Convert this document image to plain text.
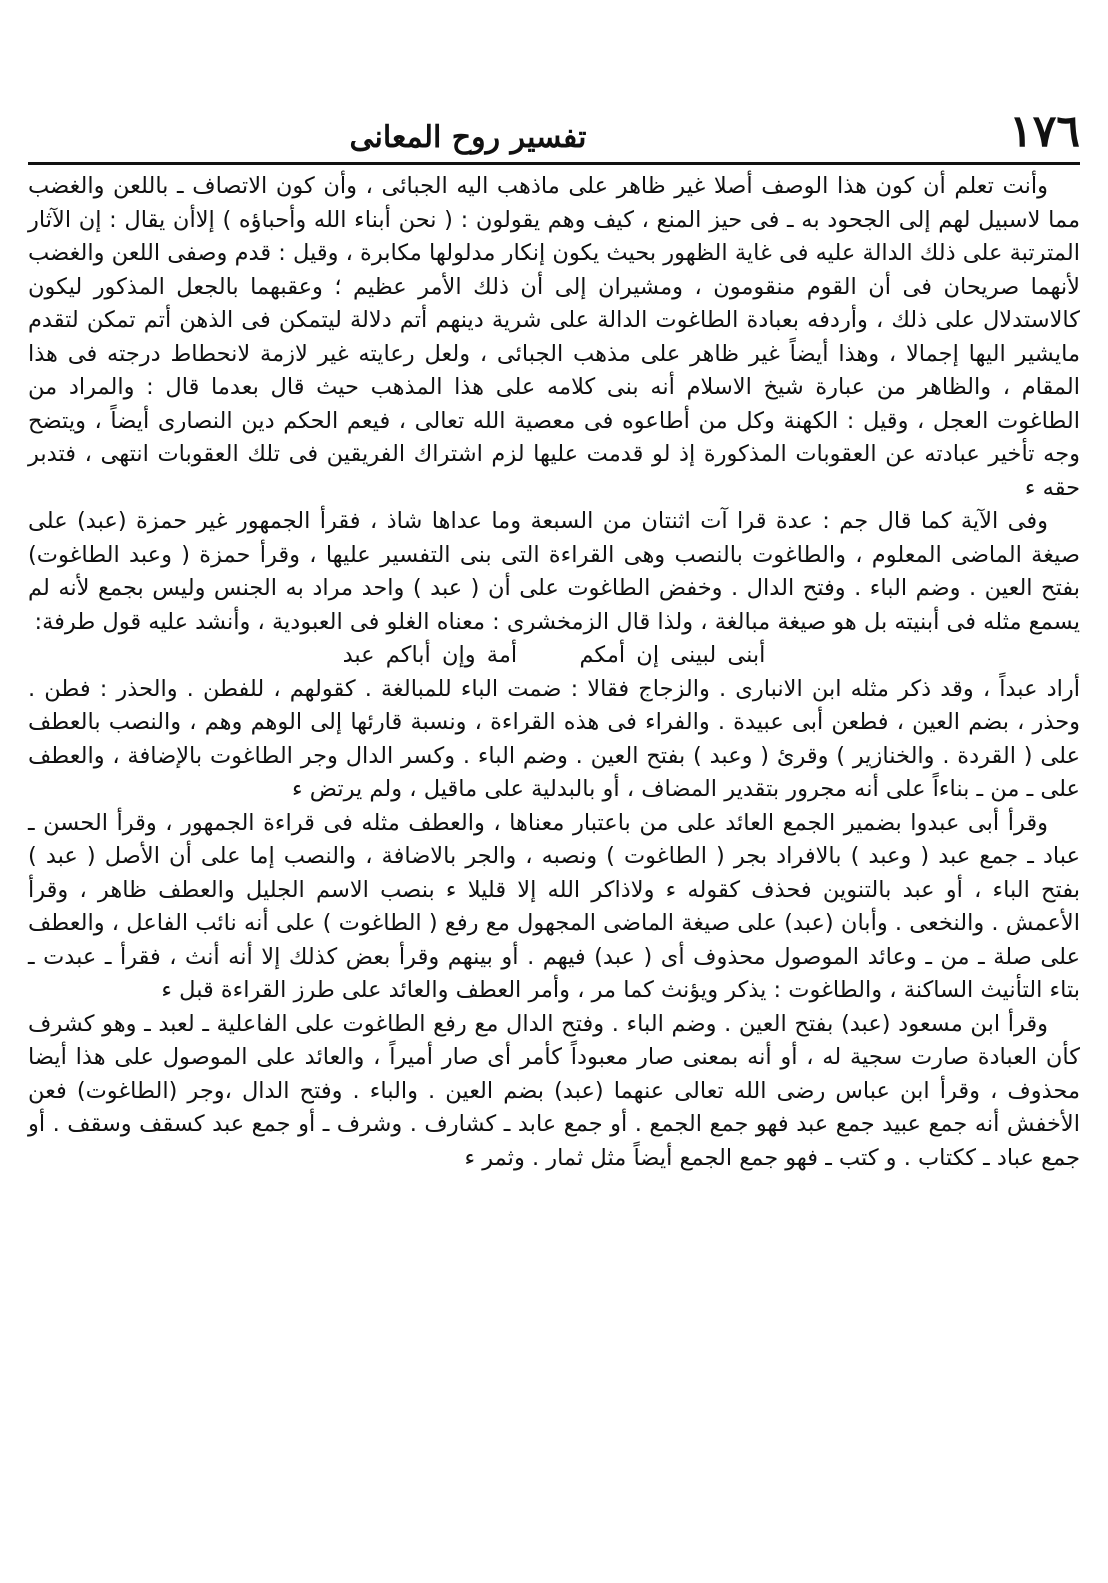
١٧٦
تفسير روح المعانى

وأنت تعلم أن كون هذا الوصف أصلا غير ظاهر على ماذهب اليه الجبائى ، وأن كون الاتصاف ـ باللعن والغضب مما لاسبيل لهم إلى الجحود به ـ فى حيز المنع ، كيف وهم يقولون : ( نحن أبناء الله وأحباؤه ) إلاأن يقال : إن الآثار المترتبة على ذلك الدالة عليه فى غاية الظهور بحيث يكون إنكار مدلولها مكابرة ، وقيل : قدم وصفى اللعن والغضب لأنهما صريحان فى أن القوم منقومون ، ومشيران إلى أن ذلك الأمر عظيم ؛ وعقبهما بالجعل المذكور ليكون كالاستدلال على ذلك ، وأردفه بعبادة الطاغوت الدالة على شرية دينهم أتم دلالة ليتمكن فى الذهن أتم تمكن لتقدم مايشير اليها إجمالا ، وهذا أيضاً غير ظاهر على مذهب الجبائى ، ولعل رعايته غير لازمة لانحطاط درجته فى هذا المقام ، والظاهر من عبارة شيخ الاسلام أنه بنى كلامه على هذا المذهب حيث قال بعدما قال : والمراد من الطاغوت العجل ، وقيل : الكهنة وكل من أطاعوه فى معصية الله تعالى ، فيعم الحكم دين النصارى أيضاً ، ويتضح وجه تأخير عبادته عن العقوبات المذكورة إذ لو قدمت عليها لزم اشتراك الفريقين فى تلك العقوبات انتهى ، فتدبر حقه ء

وفى الآية كما قال جم : عدة قرا آت اثنتان من السبعة وما عداها شاذ ، فقرأ الجمهور غير حمزة (عبد) على صيغة الماضى المعلوم ، والطاغوت بالنصب وهى القراءة التى بنى التفسير عليها ، وقرأ حمزة ( وعبد الطاغوت) بفتح العين . وضم الباء . وفتح الدال . وخفض الطاغوت على أن ( عبد ) واحد مراد به الجنس وليس بجمع لأنه لم يسمع مثله فى أبنيته بل هو صيغة مبالغة ، ولذا قال الزمخشرى : معناه الغلو فى العبودية ، وأنشد عليه قول طرفة:

أبنى لبينى إن أمكم  أمة وإن أباكم عبد

أراد عبداً ، وقد ذكر مثله ابن الانبارى . والزجاج فقالا : ضمت الباء للمبالغة . كقولهم ، للفطن . والحذر : فطن . وحذر ، بضم العين ، فطعن أبى عبيدة . والفراء فى هذه القراءة ، ونسبة قارئها إلى الوهم وهم ، والنصب بالعطف على ( القردة . والخنازير ) وقرئ ( وعبد ) بفتح العين . وضم الباء . وكسر الدال وجر الطاغوت بالإضافة ، والعطف على ـ من ـ بناءاً على أنه مجرور بتقدير المضاف ، أو بالبدلية على ماقيل ، ولم يرتض ء

وقرأ أبى عبدوا بضمير الجمع العائد على من باعتبار معناها ، والعطف مثله فى قراءة الجمهور ، وقرأ الحسن ـ عباد ـ جمع عبد ( وعبد ) بالافراد بجر ( الطاغوت ) ونصبه ، والجر بالاضافة ، والنصب إما على أن الأصل ( عبد ) بفتح الباء ، أو عبد بالتنوين فحذف كقوله ء ولاذاكر الله إلا قليلا ء بنصب الاسم الجليل والعطف ظاهر ، وقرأ الأعمش . والنخعى . وأبان (عبد) على صيغة الماضى المجهول مع رفع ( الطاغوت ) على أنه نائب الفاعل ، والعطف على صلة ـ من ـ وعائد الموصول محذوف أى ( عبد) فيهم . أو بينهم وقرأ بعض كذلك إلا أنه أنث ، فقرأ ـ عبدت ـ بتاء التأنيث الساكنة ، والطاغوت : يذكر ويؤنث كما مر ، وأمر العطف والعائد على طرز القراءة قبل ء

وقرأ ابن مسعود (عبد) بفتح العين . وضم الباء . وفتح الدال مع رفع الطاغوت على الفاعلية ـ لعبد ـ وهو كشرف كأن العبادة صارت سجية له ، أو أنه بمعنى صار معبوداً كأمر أى صار أميراً ، والعائد على الموصول على هذا أيضا محذوف ، وقرأ ابن عباس رضى الله تعالى عنهما (عبد) بضم العين . والباء . وفتح الدال ،وجر (الطاغوت) فعن الأخفش أنه جمع عبيد جمع عبد فهو جمع الجمع . أو جمع عابد ـ كشارف . وشرف ـ أو جمع عبد كسقف وسقف . أو جمع عباد ـ ككتاب . و كتب ـ فهو جمع الجمع أيضاً مثل ثمار . وثمر ء
